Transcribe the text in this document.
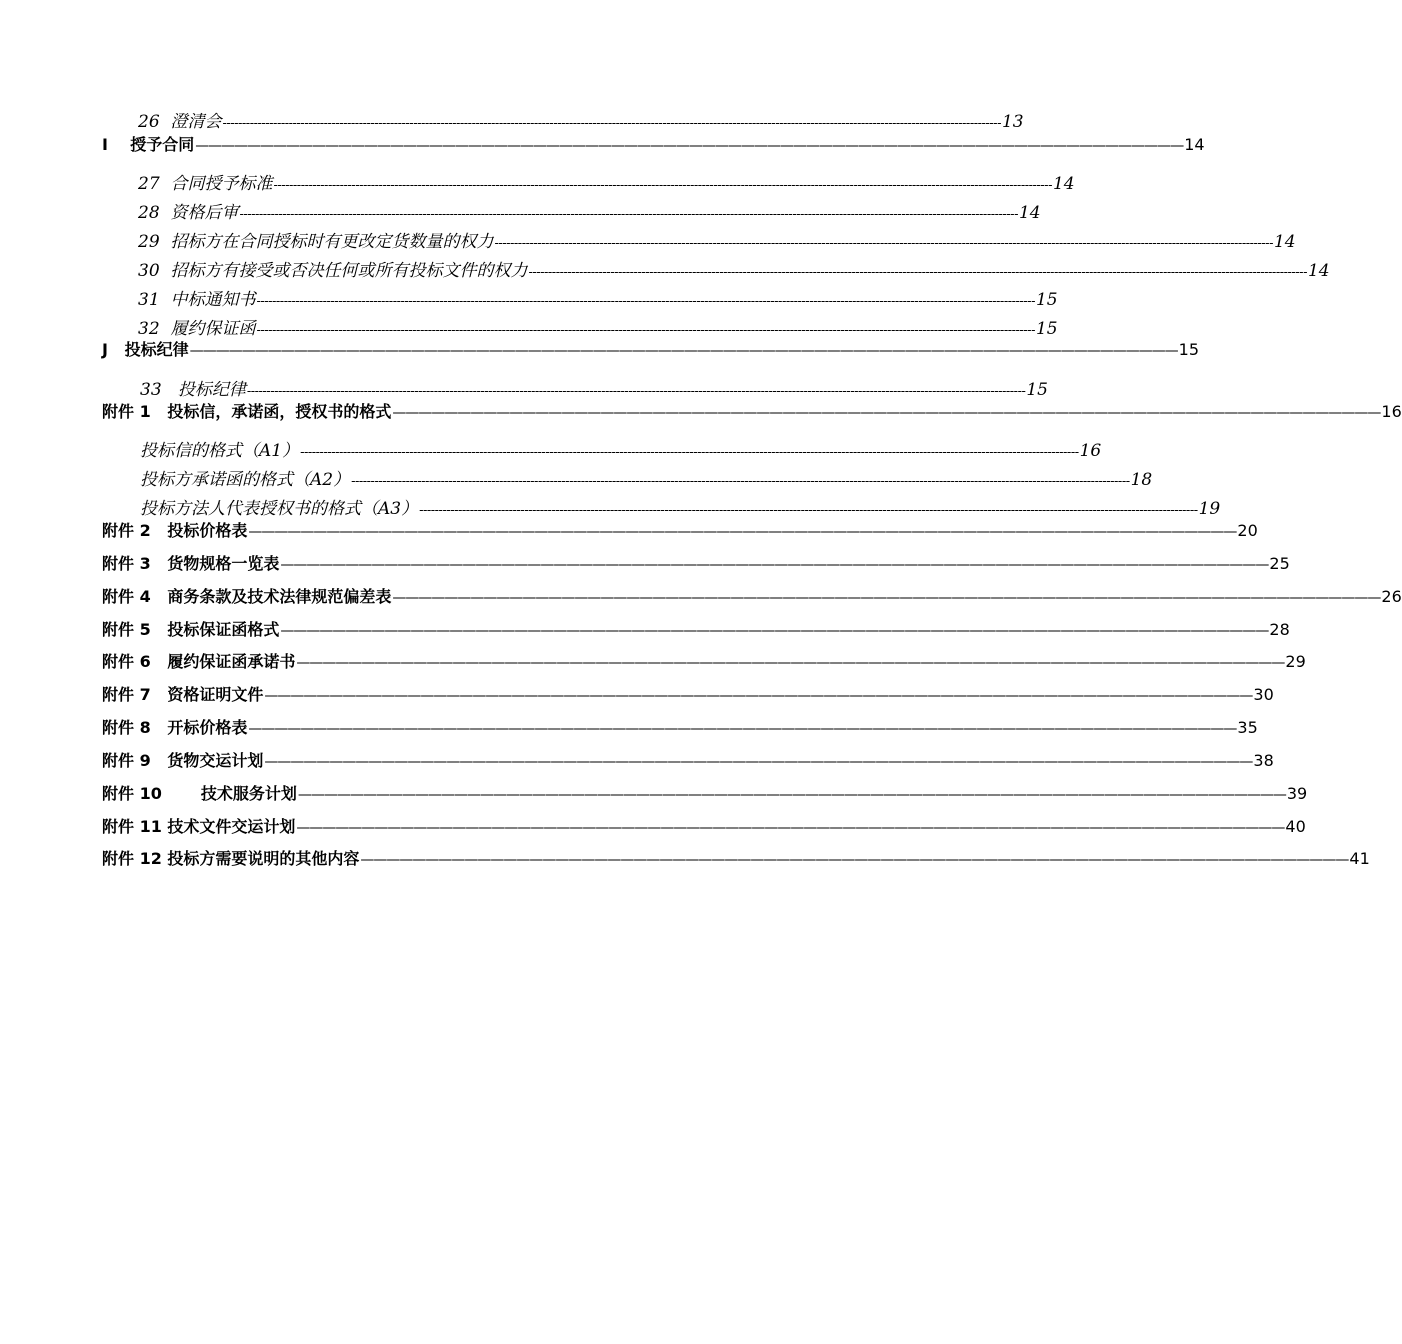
26  澄清会 -------------------------------------------------------------------------------------------------------------------------------------------------------------------------------------------------------- 13
I    授予合同 ———————————————————————————————————————————————————————————————————————————— 14
27  合同授予标准 -------------------------------------------------------------------------------------------------------------------------------------------------------------------------------------------------------- 14
28  资格后审 -------------------------------------------------------------------------------------------------------------------------------------------------------------------------------------------------------- 14
29  招标方在合同授标时有更改定货数量的权力 -------------------------------------------------------------------------------------------------------------------------------------------------------------------------------------------------------- 14
30  招标方有接受或否决任何或所有投标文件的权力 -------------------------------------------------------------------------------------------------------------------------------------------------------------------------------------------------------- 14
31  中标通知书 -------------------------------------------------------------------------------------------------------------------------------------------------------------------------------------------------------- 15
32  履约保证函 -------------------------------------------------------------------------------------------------------------------------------------------------------------------------------------------------------- 15
J   投标纪律 ———————————————————————————————————————————————————————————————————————————— 15
33   投标纪律 -------------------------------------------------------------------------------------------------------------------------------------------------------------------------------------------------------- 15
附件 1   投标信，承诺函，授权书的格式 ———————————————————————————————————————————————————————————————————————————— 16
投标信的格式（A1） -------------------------------------------------------------------------------------------------------------------------------------------------------------------------------------------------------- 16
投标方承诺函的格式（A2） -------------------------------------------------------------------------------------------------------------------------------------------------------------------------------------------------------- 18
投标方法人代表授权书的格式（A3） -------------------------------------------------------------------------------------------------------------------------------------------------------------------------------------------------------- 19
附件 2   投标价格表 ———————————————————————————————————————————————————————————————————————————— 20
附件 3   货物规格一览表 ———————————————————————————————————————————————————————————————————————————— 25
附件 4   商务条款及技术法律规范偏差表 ———————————————————————————————————————————————————————————————————————————— 26
附件 5   投标保证函格式 ———————————————————————————————————————————————————————————————————————————— 28
附件 6   履约保证函承诺书 ———————————————————————————————————————————————————————————————————————————— 29
附件 7   资格证明文件 ———————————————————————————————————————————————————————————————————————————— 30
附件 8   开标价格表 ———————————————————————————————————————————————————————————————————————————— 35
附件 9   货物交运计划 ———————————————————————————————————————————————————————————————————————————— 38
附件 10       技术服务计划 ———————————————————————————————————————————————————————————————————————————— 39
附件 11 技术文件交运计划 ———————————————————————————————————————————————————————————————————————————— 40
附件 12 投标方需要说明的其他内容 ———————————————————————————————————————————————————————————————————————————— 41
